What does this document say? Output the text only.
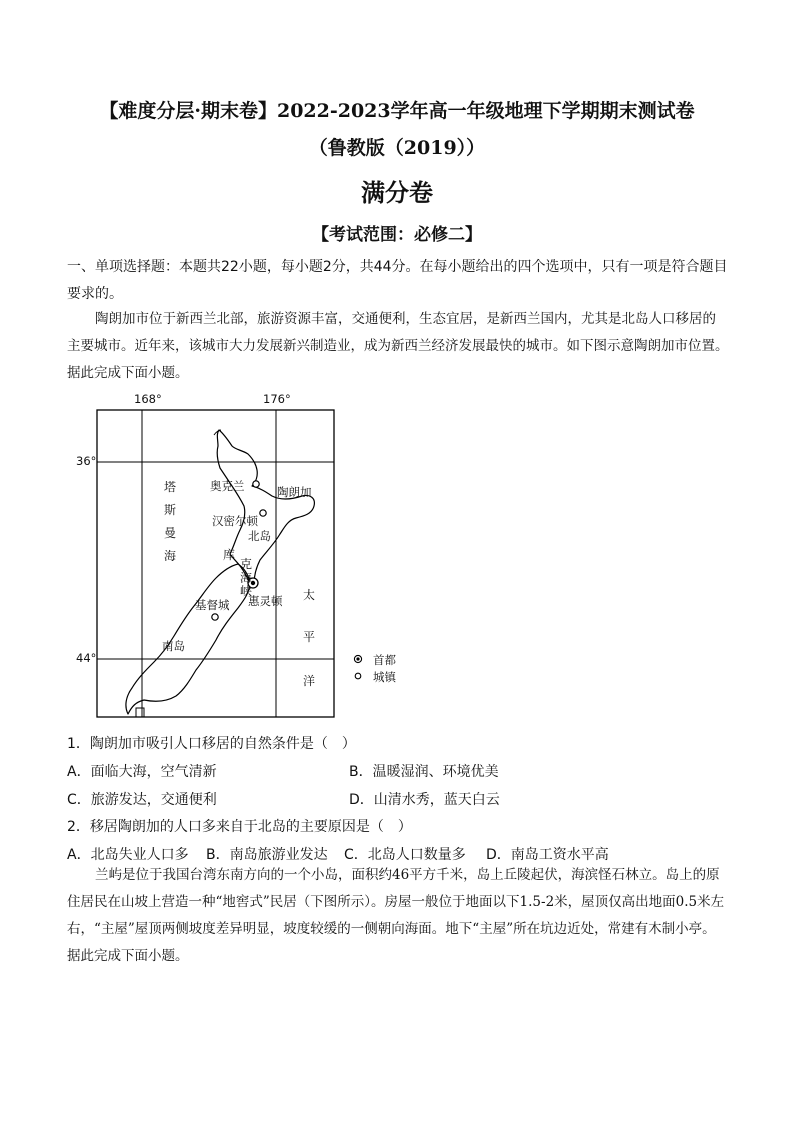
【难度分层·期末卷】2022-2023学年高一年级地理下学期期末测试卷
（鲁教版（2019））
满分卷
【考试范围：必修二】
一、单项选择题：本题共22小题，每小题2分，共44分。在每小题给出的四个选项中，只有一项是符合题目要求的。
陶朗加市位于新西兰北部，旅游资源丰富，交通便利，生态宜居，是新西兰国内，尤其是北岛人口移居的主要城市。近年来，该城市大力发展新兴制造业，成为新西兰经济发展最快的城市。如下图示意陶朗加市位置。据此完成下面小题。
168°	176°
36°
44°
奥克兰	陶朗加
汉密尔顿
北岛
惠灵顿
基督城
南岛
塔
斯
曼
海	库
克
海
峡	太
平
洋
首都
城镇
1．陶朗加市吸引人口移居的自然条件是（　）
A．面临大海，空气清新	B．温暖湿润、环境优美
C．旅游发达，交通便利	D．山清水秀，蓝天白云
2．移居陶朗加的人口多来自于北岛的主要原因是（　）
A．北岛失业人口多 B．南岛旅游业发达 C．北岛人口数量多 D．南岛工资水平高
兰屿是位于我国台湾东南方向的一个小岛，面积约46平方千米，岛上丘陵起伏，海滨怪石林立。岛上的原住居民在山坡上营造一种“地窖式”民居（下图所示）。房屋一般位于地面以下1.5-2米，屋顶仅高出地面0.5米左右，“主屋”屋顶两侧坡度差异明显，坡度较缓的一侧朝向海面。地下“主屋”所在坑边近处，常建有木制小亭。据此完成下面小题。
